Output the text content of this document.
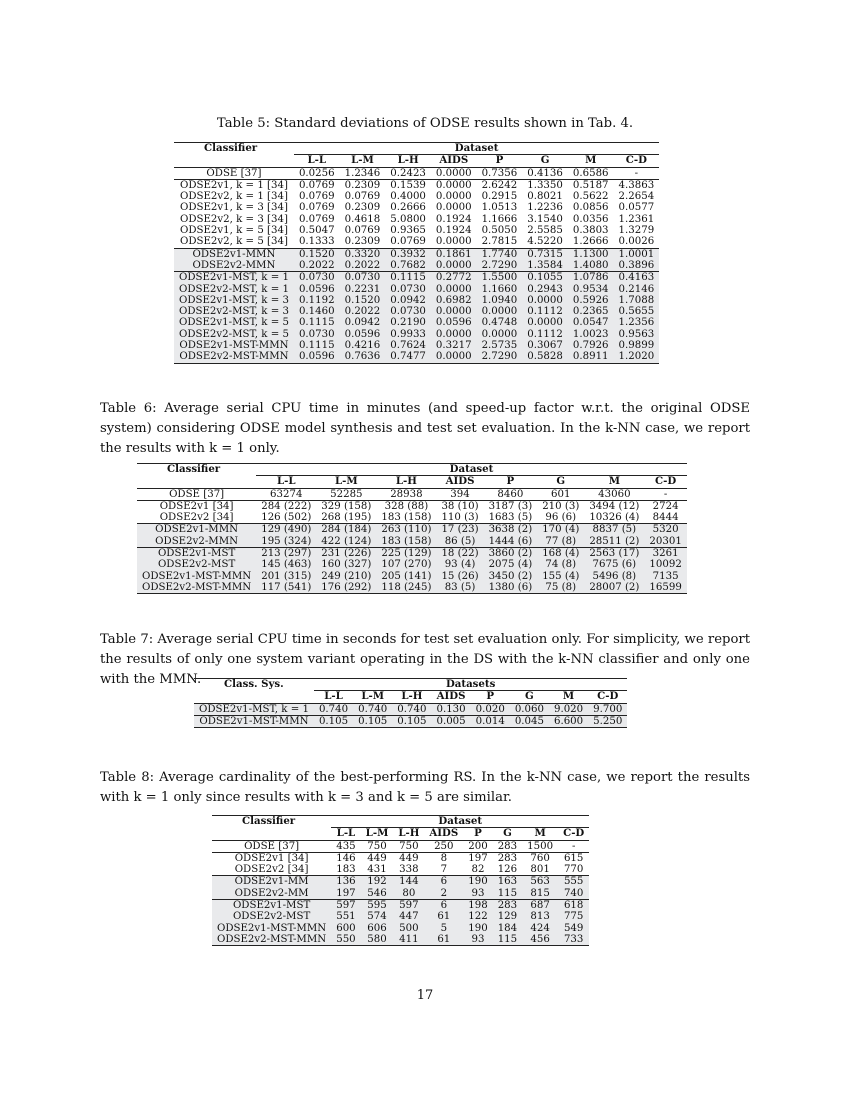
Table 5: Standard deviations of ODSE results shown in Tab. 4.
Classifier	Dataset							
	L-L	L-M	L-H	AIDS	P	G	M	C-D
ODSE [37]	0.0256	1.2346	0.2423	0.0000	0.7356	0.4136	0.6586	-
ODSE2v1, k = 1 [34]	0.0769	0.2309	0.1539	0.0000	2.6242	1.3350	0.5187	4.3863
ODSE2v2, k = 1 [34]	0.0769	0.0769	0.4000	0.0000	0.2915	0.8021	0.5622	2.2654
ODSE2v1, k = 3 [34]	0.0769	0.2309	0.2666	0.0000	1.0513	1.2236	0.0856	0.0577
ODSE2v2, k = 3 [34]	0.0769	0.4618	5.0800	0.1924	1.1666	3.1540	0.0356	1.2361
ODSE2v1, k = 5 [34]	0.5047	0.0769	0.9365	0.1924	0.5050	2.5585	0.3803	1.3279
ODSE2v2, k = 5 [34]	0.1333	0.2309	0.0769	0.0000	2.7815	4.5220	1.2666	0.0026
ODSE2v1-MMN	0.1520	0.3320	0.3932	0.1861	1.7740	0.7315	1.1300	1.0001
ODSE2v2-MMN	0.2022	0.2022	0.7682	0.0000	2.7290	1.3584	1.4080	0.3896
ODSE2v1-MST, k = 1	0.0730	0.0730	0.1115	0.2772	1.5500	0.1055	1.0786	0.4163
ODSE2v2-MST, k = 1	0.0596	0.2231	0.0730	0.0000	1.1660	0.2943	0.9534	0.2146
ODSE2v1-MST, k = 3	0.1192	0.1520	0.0942	0.6982	1.0940	0.0000	0.5926	1.7088
ODSE2v2-MST, k = 3	0.1460	0.2022	0.0730	0.0000	0.0000	0.1112	0.2365	0.5655
ODSE2v1-MST, k = 5	0.1115	0.0942	0.2190	0.0596	0.4748	0.0000	0.0547	1.2356
ODSE2v2-MST, k = 5	0.0730	0.0596	0.9933	0.0000	0.0000	0.1112	1.0023	0.9563
ODSE2v1-MST-MMN	0.1115	0.4216	0.7624	0.3217	2.5735	0.3067	0.7926	0.9899
ODSE2v2-MST-MMN	0.0596	0.7636	0.7477	0.0000	2.7290	0.5828	0.8911	1.2020
Table 6: Average serial CPU time in minutes (and speed-up factor w.r.t. the original ODSE system) considering ODSE model synthesis and test set evaluation. In the k-NN case, we report the results with k = 1 only.
Classifier	Dataset							
	L-L	L-M	L-H	AIDS	P	G	M	C-D
ODSE [37]	63274	52285	28938	394	8460	601	43060	-
ODSE2v1 [34]	284 (222)	329 (158)	328 (88)	38 (10)	3187 (3)	210 (3)	3494 (12)	2724
ODSE2v2 [34]	126 (502)	268 (195)	183 (158)	110 (3)	1683 (5)	96 (6)	10326 (4)	8444
ODSE2v1-MMN	129 (490)	284 (184)	263 (110)	17 (23)	3638 (2)	170 (4)	8837 (5)	5320
ODSE2v2-MMN	195 (324)	422 (124)	183 (158)	86 (5)	1444 (6)	77 (8)	28511 (2)	20301
ODSE2v1-MST	213 (297)	231 (226)	225 (129)	18 (22)	3860 (2)	168 (4)	2563 (17)	3261
ODSE2v2-MST	145 (463)	160 (327)	107 (270)	93 (4)	2075 (4)	74 (8)	7675 (6)	10092
ODSE2v1-MST-MMN	201 (315)	249 (210)	205 (141)	15 (26)	3450 (2)	155 (4)	5496 (8)	7135
ODSE2v2-MST-MMN	117 (541)	176 (292)	118 (245)	83 (5)	1380 (6)	75 (8)	28007 (2)	16599
Table 7: Average serial CPU time in seconds for test set evaluation only. For simplicity, we report the results of only one system variant operating in the DS with the k-NN classifier and only one with the MMN.	Class. Sys.	Datasets							
	L-L	L-M	L-H	AIDS	P	G	M	C-D
ODSE2v1-MST, k = 1	0.740	0.740	0.740	0.130	0.020	0.060	9.020	9.700
ODSE2v1-MST-MMN	0.105	0.105	0.105	0.005	0.014	0.045	6.600	5.250
Table 8: Average cardinality of the best-performing RS. In the k-NN case, we report the results with k = 1 only since results with k = 3 and k = 5 are similar.
Classifier	Dataset							
	L-L	L-M	L-H	AIDS	P	G	M	C-D
ODSE [37]	435	750	750	250	200	283	1500	-
ODSE2v1 [34]	146	449	449	8	197	283	760	615
ODSE2v2 [34]	183	431	338	7	82	126	801	770
ODSE2v1-MM	136	192	144	6	190	163	563	555
ODSE2v2-MM	197	546	80	2	93	115	815	740
ODSE2v1-MST	597	595	597	6	198	283	687	618
ODSE2v2-MST	551	574	447	61	122	129	813	775
ODSE2v1-MST-MMN	600	606	500	5	190	184	424	549
ODSE2v2-MST-MMN	550	580	411	61	93	115	456	733
17
